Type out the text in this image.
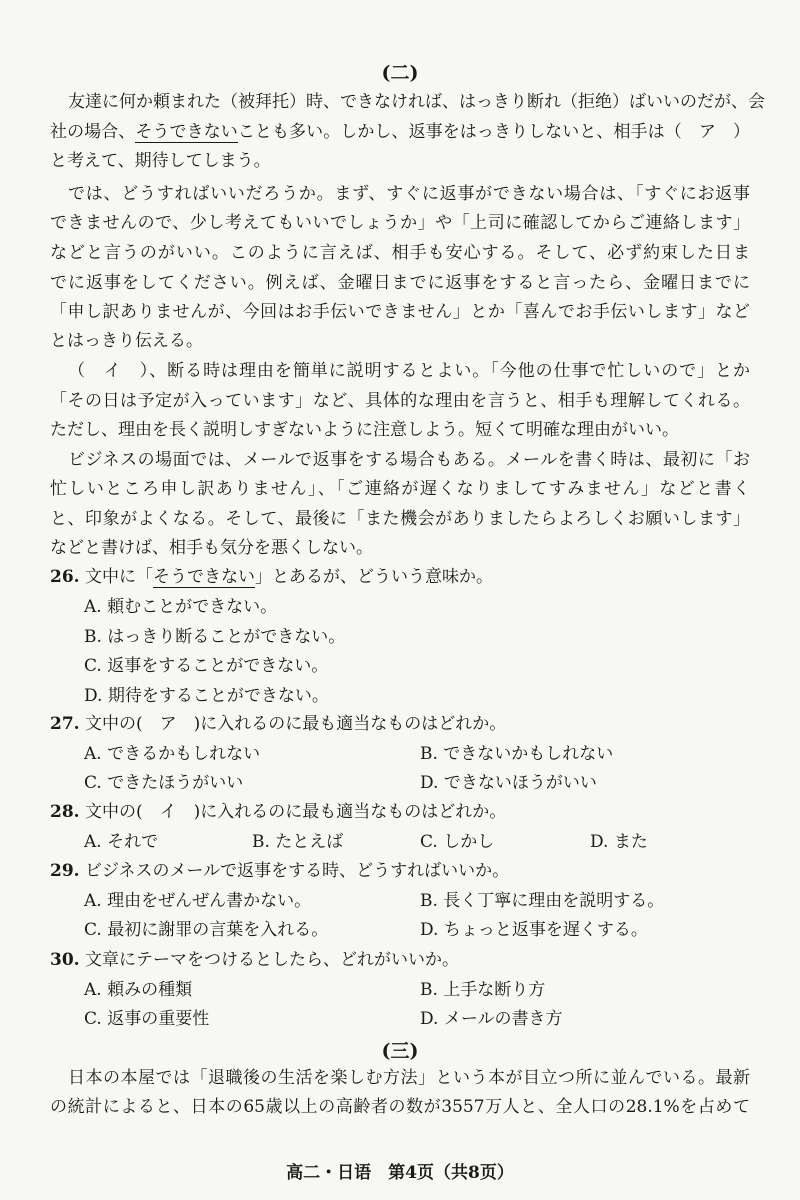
(二)
友達に何か頼まれた（被拜托）時、できなければ、はっきり断れ（拒绝）ばいいのだが、会
社の場合、そうできないことも多い。しかし、返事をはっきりしないと、相手は（　ア　）
と考えて、期待してしまう。
では、どうすればいいだろうか。まず、すぐに返事ができない場合は、「すぐにお返事
できませんので、少し考えてもいいでしょうか」や「上司に確認してからご連絡します」
などと言うのがいい。このように言えば、相手も安心する。そして、必ず約束した日ま
でに返事をしてください。例えば、金曜日までに返事をすると言ったら、金曜日までに
「申し訳ありませんが、今回はお手伝いできません」とか「喜んでお手伝いします」など
とはっきり伝える。
（　イ　）、断る時は理由を簡単に説明するとよい。「今他の仕事で忙しいので」とか
「その日は予定が入っています」など、具体的な理由を言うと、相手も理解してくれる。
ただし、理由を長く説明しすぎないように注意しよう。短くて明確な理由がいい。
ビジネスの場面では、メールで返事をする場合もある。メールを書く時は、最初に「お
忙しいところ申し訳ありません」、「ご連絡が遅くなりましてすみません」などと書く
と、印象がよくなる。そして、最後に「また機会がありましたらよろしくお願いします」
などと書けば、相手も気分を悪くしない。
26. 文中に「そうできない」とあるが、どういう意味か。
A. 頼むことができない。
B. はっきり断ることができない。
C. 返事をすることができない。
D. 期待をすることができない。
27. 文中の(　ア　)に入れるのに最も適当なものはどれか。
A. できるかもしれない	B. できないかもしれない
C. できたほうがいい	D. できないほうがいい
28. 文中の(　イ　)に入れるのに最も適当なものはどれか。
A. それで	B. たとえば	C. しかし	D. また
29. ビジネスのメールで返事をする時、どうすればいいか。
A. 理由をぜんぜん書かない。	B. 長く丁寧に理由を説明する。
C. 最初に謝罪の言葉を入れる。	D. ちょっと返事を遅くする。
30. 文章にテーマをつけるとしたら、どれがいいか。
A. 頼みの種類	B. 上手な断り方
C. 返事の重要性	D. メールの書き方
(三)
日本の本屋では「退職後の生活を楽しむ方法」という本が目立つ所に並んでいる。最新
の統計によると、日本の65歳以上の高齢者の数が3557万人と、全人口の28.1%を占めて
高二・日语　第4页（共8页）
